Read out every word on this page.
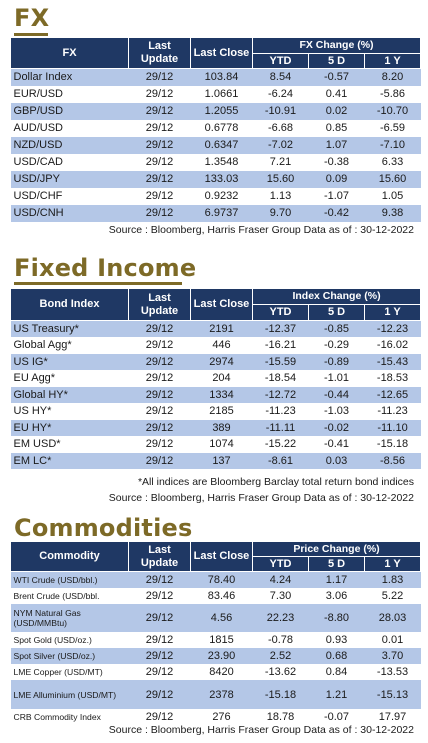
FX
FX	Last Update	Last Close	FX Change (%)		
			YTD	5 D	1 Y
Dollar Index	29/12	103.84	8.54	-0.57	8.20
EUR/USD	29/12	1.0661	-6.24	0.41	-5.86
GBP/USD	29/12	1.2055	-10.91	0.02	-10.70
AUD/USD	29/12	0.6778	-6.68	0.85	-6.59
NZD/USD	29/12	0.6347	-7.02	1.07	-7.10
USD/CAD	29/12	1.3548	7.21	-0.38	6.33
USD/JPY	29/12	133.03	15.60	0.09	15.60
USD/CHF	29/12	0.9232	1.13	-1.07	1.05
USD/CNH	29/12	6.9737	9.70	-0.42	9.38
Source : Bloomberg, Harris Fraser Group Data as of : 30-12-2022
Fixed Income
Bond Index	Last Update	Last Close	Index Change (%)		
			YTD	5 D	1 Y
US Treasury*	29/12	2191	-12.37	-0.85	-12.23
Global Agg*	29/12	446	-16.21	-0.29	-16.02
US IG*	29/12	2974	-15.59	-0.89	-15.43
EU Agg*	29/12	204	-18.54	-1.01	-18.53
Global HY*	29/12	1334	-12.72	-0.44	-12.65
US HY*	29/12	2185	-11.23	-1.03	-11.23
EU HY*	29/12	389	-11.11	-0.02	-11.10
EM USD*	29/12	1074	-15.22	-0.41	-15.18
EM LC*	29/12	137	-8.61	0.03	-8.56
*All indices are Bloomberg Barclay total return bond indices
Source : Bloomberg, Harris Fraser Group Data as of : 30-12-2022
Commodities
Commodity	Last Update	Last Close	Price Change (%)		
			YTD	5 D	1 Y
WTI Crude (USD/bbl.)	29/12	78.40	4.24	1.17	1.83
Brent Crude (USD/bbl.	29/12	83.46	7.30	3.06	5.22
NYM Natural Gas (USD/MMBtu)	29/12	4.56	22.23	-8.80	28.03
Spot Gold (USD/oz.)	29/12	1815	-0.78	0.93	0.01
Spot Silver (USD/oz.)	29/12	23.90	2.52	0.68	3.70
LME Copper (USD/MT)	29/12	8420	-13.62	0.84	-13.53
LME Alluminium (USD/MT)	29/12	2378	-15.18	1.21	-15.13
CRB Commodity Index	29/12	276	18.78	-0.07	17.97
Source : Bloomberg, Harris Fraser Group Data as of : 30-12-2022
